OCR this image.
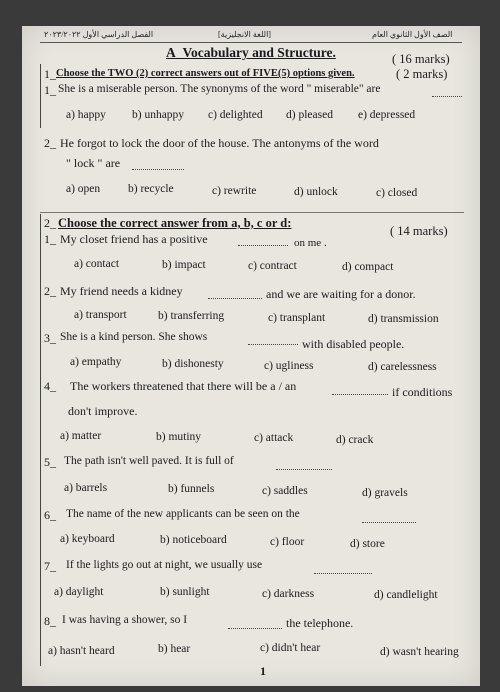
الفصل الدراسي الأول ٢٠٢٣/٢٠٢٢	[اللغة الانجليزية]	الصف الأول الثانوي العام
A_Vocabulary and Structure.	( 16 marks)
1_ Choose the TWO (2) correct answers out of FIVE(5) options given.	( 2 marks)
1_ She is a miserable person. The synonyms of the word " miserable" are
a) happy b) unhappy c) delighted d) pleased e) depressed
2_ He forgot to lock the door of the house. The antonyms of the word
" lock " are
a) open b) recycle	c) rewrite	d) unlock	c) closed
2_ Choose the correct answer from a, b, c or d:
( 14 marks)
1_ My closet friend has a positive	on me .
a) contact	b) impact	c) contract	d) compact
2_ My friend needs a kidney	and we are waiting for a donor.
a) transport	b) transferring	c) transplant	d) transmission
3_ She is a kind person. She shows	with disabled people.
a) empathy	b) dishonesty	c) ugliness	d) carelessness
4_ The workers threatened that there will be a / an	if conditions
don't improve.
a) matter	b) mutiny	c) attack	d) crack
5_ The path isn't well paved. It is full of
a) barrels	b) funnels	c) saddles	d) gravels
6_ The name of the new applicants can be seen on the
a) keyboard	b) noticeboard	c) floor	d) store
7_ If the lights go out at night, we usually use
a) daylight	b) sunlight	c) darkness	d) candlelight
8_ I was having a shower, so I	the telephone.
a) hasn't heard	b) hear	c) didn't hear	d) wasn't hearing
1
